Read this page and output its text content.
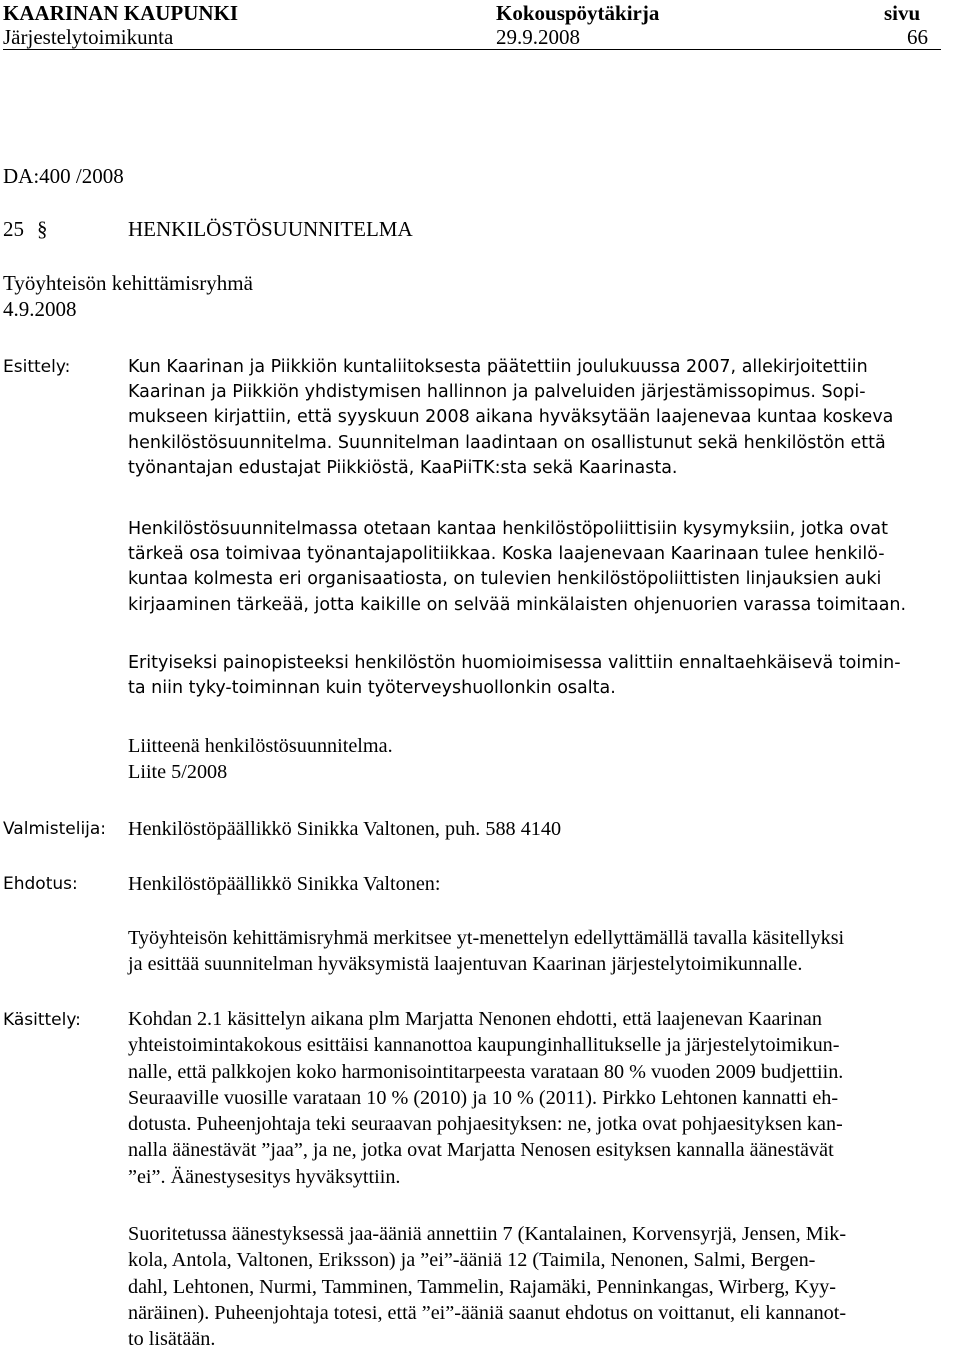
KAARINAN KAUPUNKI	Kokouspöytäkirja	sivu
Järjestelytoimikunta	29.9.2008	66
DA:400 /2008
25 §	HENKILÖSTÖSUUNNITELMA
Työyhteisön kehittämisryhmä
4.9.2008
Esittely:	Kun Kaarinan ja Piikkiön kuntaliitoksesta päätettiin joulukuussa 2007, allekirjoitettiin
Kaarinan ja Piikkiön yhdistymisen hallinnon ja palveluiden järjestämissopimus. Sopi-
mukseen kirjattiin, että syyskuun 2008 aikana hyväksytään laajenevaa kuntaa koskeva
henkilöstösuunnitelma. Suunnitelman laadintaan on osallistunut sekä henkilöstön että
työnantajan edustajat Piikkiöstä, KaaPiiTK:sta sekä Kaarinasta.
Henkilöstösuunnitelmassa otetaan kantaa henkilöstöpoliittisiin kysymyksiin, jotka ovat
tärkeä osa toimivaa työnantajapolitiikkaa. Koska laajenevaan Kaarinaan tulee henkilö-
kuntaa kolmesta eri organisaatiosta, on tulevien henkilöstöpoliittisten linjauksien auki
kirjaaminen tärkeää, jotta kaikille on selvää minkälaisten ohjenuorien varassa toimitaan.
Erityiseksi painopisteeksi henkilöstön huomioimisessa valittiin ennaltaehkäisevä toimin-
ta niin tyky-toiminnan kuin työterveyshuollonkin osalta.
Liitteenä henkilöstösuunnitelma.
Liite 5/2008
Valmistelija: Henkilöstöpäällikkö Sinikka Valtonen, puh. 588 4140
Ehdotus: Henkilöstöpäällikkö Sinikka Valtonen:
Työyhteisön kehittämisryhmä merkitsee yt-menettelyn edellyttämällä tavalla käsitellyksi
ja esittää suunnitelman hyväksymistä laajentuvan Kaarinan järjestelytoimikunnalle.
Käsittely: Kohdan 2.1 käsittelyn aikana plm Marjatta Nenonen ehdotti, että laajenevan Kaarinan
yhteistoimintakokous esittäisi kannanottoa kaupunginhallitukselle ja järjestelytoimikun-
nalle, että palkkojen koko harmonisointitarpeesta varataan 80 % vuoden 2009 budjettiin.
Seuraaville vuosille varataan 10 % (2010) ja 10 % (2011). Pirkko Lehtonen kannatti eh-
dotusta. Puheenjohtaja teki seuraavan pohjaesityksen: ne, jotka ovat pohjaesityksen kan-
nalla äänestävät ”jaa”, ja ne, jotka ovat Marjatta Nenosen esityksen kannalla äänestävät
”ei”. Äänestysesitys hyväksyttiin.
Suoritetussa äänestyksessä jaa-ääniä annettiin 7 (Kantalainen, Korvensyrjä, Jensen, Mik-
kola, Antola, Valtonen, Eriksson) ja ”ei”-ääniä 12 (Taimila, Nenonen, Salmi, Bergen-
dahl, Lehtonen, Nurmi, Tamminen, Tammelin, Rajamäki, Penninkangas, Wirberg, Kyy-
näräinen). Puheenjohtaja totesi, että ”ei”-ääniä saanut ehdotus on voittanut, eli kannanot-
to lisätään.
